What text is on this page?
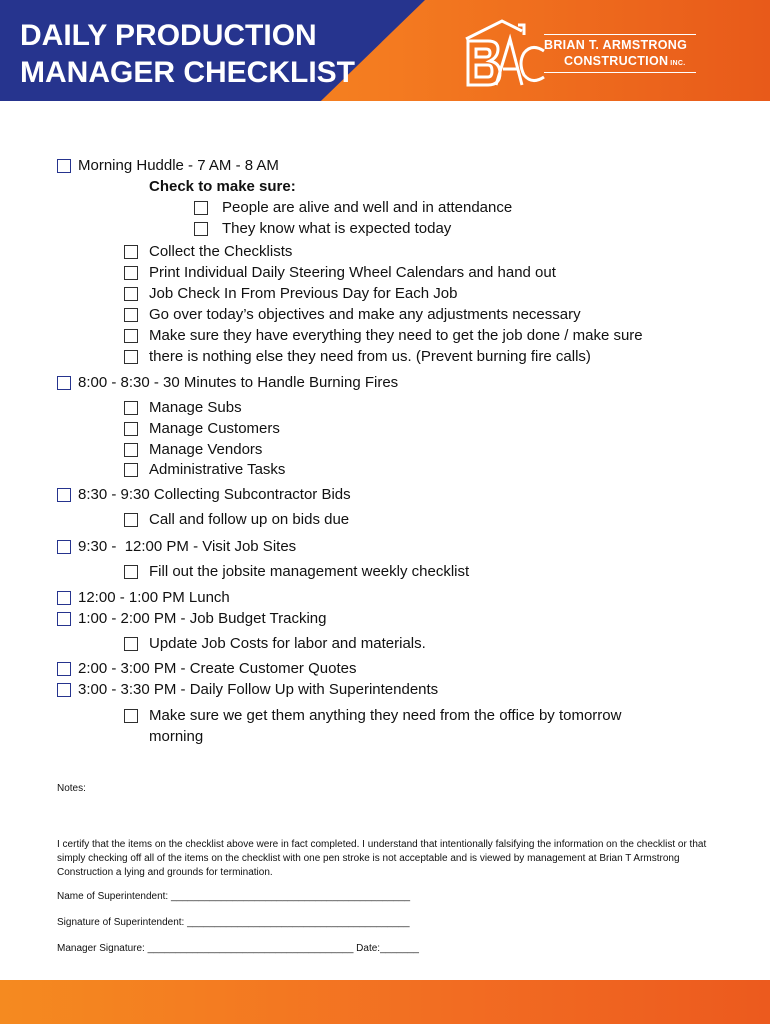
DAILY PRODUCTION
MANAGER CHECKLIST
BRIAN T. ARMSTRONG
CONSTRUCTION INC.
Morning Huddle - 7 AM - 8 AM
Check to make sure:
People are alive and well and in attendance
They know what is expected today
Collect the Checklists
Print Individual Daily Steering Wheel Calendars and hand out
Job Check In From Previous Day for Each Job
Go over today’s objectives and make any adjustments necessary
Make sure they have everything they need to get the job done / make sure
there is nothing else they need from us. (Prevent burning fire calls)
8:00 - 8:30 - 30 Minutes to Handle Burning Fires
Manage Subs
Manage Customers
Manage Vendors
Administrative Tasks
8:30 - 9:30 Collecting Subcontractor Bids
Call and follow up on bids due
9:30 -  12:00 PM - Visit Job Sites
Fill out the jobsite management weekly checklist
12:00 - 1:00 PM Lunch
1:00 - 2:00 PM - Job Budget Tracking
Update Job Costs for labor and materials.
2:00 - 3:00 PM - Create Customer Quotes
3:00 - 3:30 PM - Daily Follow Up with Superintendents
Make sure we get them anything they need from the office by tomorrow
morning
Notes:
I certify that the items on the checklist above were in fact completed. I understand that intentionally falsifying the information on the checklist or that simply checking off all of the items on the checklist with one pen stroke is not acceptable and is viewed by management at Brian T Armstrong Construction a lying and grounds for termination.
Name of Superintendent: ___________________________________________
Signature of Superintendent: ________________________________________
Manager Signature: _____________________________________ Date:_______
